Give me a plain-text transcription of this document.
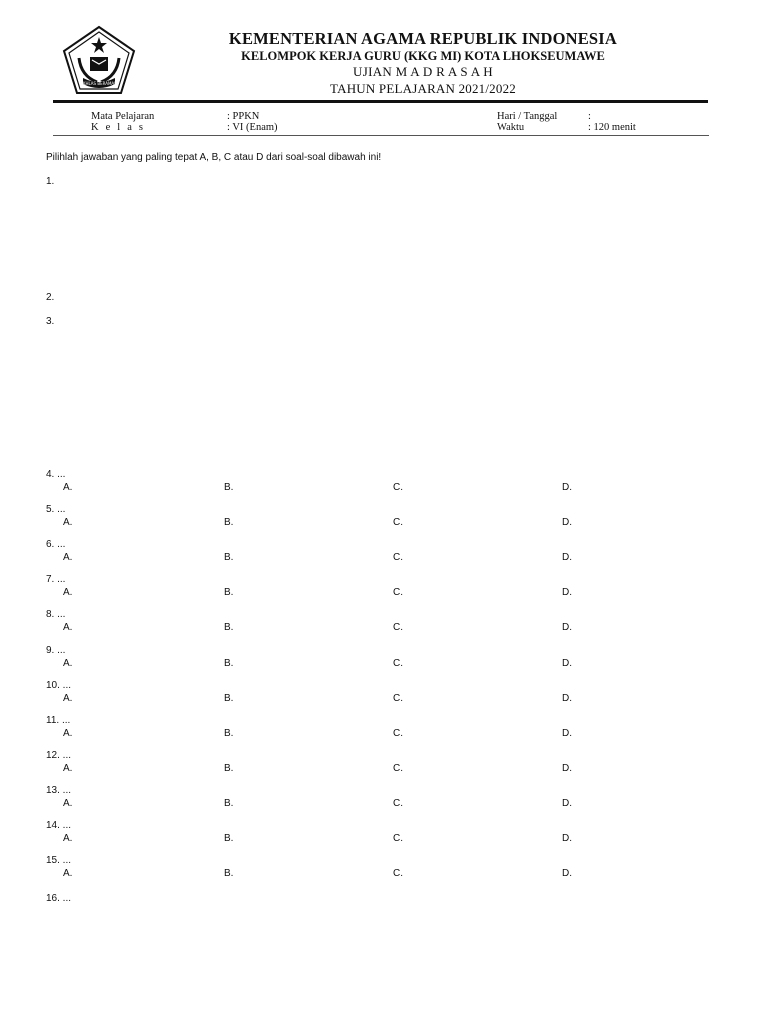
IKHLAS BERAMAL
KEMENTERIAN AGAMA REPUBLIK INDONESIA
KELOMPOK KERJA GURU (KKG MI) KOTA LHOKSEUMAWE
UJIAN M A D R A S A H
TAHUN PELAJARAN 2021/2022
Mata Pelajaran	: PPKN
K e l a s	: VI (Enam)
Hari / Tanggal	:
Waktu	: 120 menit
Pilihlah jawaban yang paling tepat A, B, C atau D dari soal-soal dibawah ini!
1.
2.
3.
4. ...
A.	B.	C.	D.
5. ...
A.	B.	C.	D.
6. ...
A.	B.	C.	D.
7. ...
A.	B.	C.	D.
8. ...
A.	B.	C.	D.
9. ...
A.	B.	C.	D.
10. ...
A.	B.	C.	D.
11. ...
A.	B.	C.	D.
12. ...
A.	B.	C.	D.
13. ...
A.	B.	C.	D.
14. ...
A.	B.	C.	D.
15. ...
A.	B.	C.	D.
16. ...
